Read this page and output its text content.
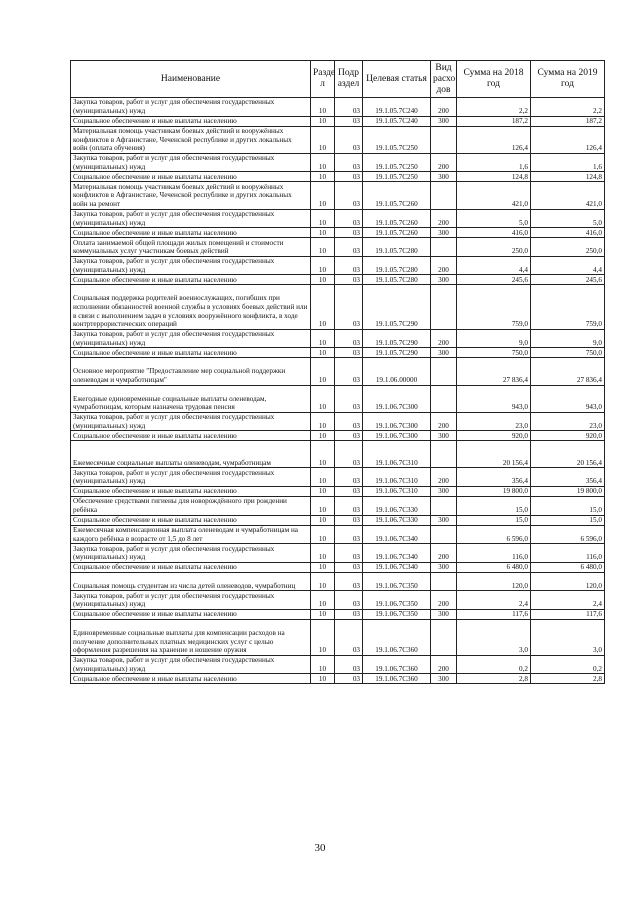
Наименование	Разде л	Подр аздел	Целевая статья	Вид расхо дов	Сумма на 2018 год	Сумма на 2019 год
Закупка товаров, работ и услуг для обеспечения государственных (муниципальных) нужд	10	03	19.1.05.7C240	200	2,2	2,2
Социальное обеспечение и иные выплаты населению	10	03	19.1.05.7C240	300	187,2	187,2
Материальная помощь участникам боевых действий и вооружённых конфликтов в Афганистане, Чеченской республике и других локальных войн (оплата обучения)	10	03	19.1.05.7C250		126,4	126,4
Закупка товаров, работ и услуг для обеспечения государственных (муниципальных) нужд	10	03	19.1.05.7C250	200	1,6	1,6
Социальное обеспечение и иные выплаты населению	10	03	19.1.05.7C250	300	124,8	124,8
Материальная помощь участникам боевых действий и вооружённых конфликтов в Афганистане, Чеченской республике и других локальных войн на ремонт	10	03	19.1.05.7C260		421,0	421,0
Закупка товаров, работ и услуг для обеспечения государственных (муниципальных) нужд	10	03	19.1.05.7C260	200	5,0	5,0
Социальное обеспечение и иные выплаты населению	10	03	19.1.05.7C260	300	416,0	416,0
Оплата занимаемой общей площади жилых помещений и стоимости коммунальных услуг участникам боевых действий	10	03	19.1.05.7C280		250,0	250,0
Закупка товаров, работ и услуг для обеспечения государственных (муниципальных) нужд	10	03	19.1.05.7C280	200	4,4	4,4
Социальное обеспечение и иные выплаты населению	10	03	19.1.05.7C280	300	245,6	245,6
Социальная поддержка родителей военнослужащих, погибших при исполнении обязанностей военной службы в условиях боевых действий или в связи с выполнением задач в условиях вооружённого конфликта, в ходе контртеррористических операций	10	03	19.1.05.7C290		759,0	759,0
Закупка товаров, работ и услуг для обеспечения государственных (муниципальных) нужд	10	03	19.1.05.7C290	200	9,0	9,0
Социальное обеспечение и иные выплаты населению	10	03	19.1.05.7C290	300	750,0	750,0
Основное мероприятие "Предоставление мер социальной поддержки оленеводам и чумработницам"	10	03	19.1.06.00000		27 836,4	27 836,4
Ежегодные единовременные социальные выплаты оленеводам, чумработницам, которым назначена трудовая пенсия	10	03	19.1.06.7C300		943,0	943,0
Закупка товаров, работ и услуг для обеспечения государственных (муниципальных) нужд	10	03	19.1.06.7C300	200	23,0	23,0
Социальное обеспечение и иные выплаты населению	10	03	19.1.06.7C300	300	920,0	920,0
Ежемесячные социальные выплаты оленеводам, чумработницам	10	03	19.1.06.7C310		20 156,4	20 156,4
Закупка товаров, работ и услуг для обеспечения государственных (муниципальных) нужд	10	03	19.1.06.7C310	200	356,4	356,4
Социальное обеспечение и иные выплаты населению	10	03	19.1.06.7C310	300	19 800,0	19 800,0
Обеспечение средствами гигиены для новорождённого при рождении ребёнка	10	03	19.1.06.7C330		15,0	15,0
Социальное обеспечение и иные выплаты населению	10	03	19.1.06.7C330	300	15,0	15,0
Ежемесячная компенсационная выплата оленеводам и чумработницам на каждого ребёнка в возрасте от 1,5 до 8 лет	10	03	19.1.06.7C340		6 596,0	6 596,0
Закупка товаров, работ и услуг для обеспечения государственных (муниципальных) нужд	10	03	19.1.06.7C340	200	116,0	116,0
Социальное обеспечение и иные выплаты населению	10	03	19.1.06.7C340	300	6 480,0	6 480,0
Социальная помощь студентам из числа детей оленеводов, чумработниц	10	03	19.1.06.7C350		120,0	120,0
Закупка товаров, работ и услуг для обеспечения государственных (муниципальных) нужд	10	03	19.1.06.7C350	200	2,4	2,4
Социальное обеспечение и иные выплаты населению	10	03	19.1.06.7C350	300	117,6	117,6
Единовременные социальные выплаты для компенсации расходов на получение дополнительных платных медицинских услуг с целью оформления разрешения на хранение и ношение оружия	10	03	19.1.06.7C360		3,0	3,0
Закупка товаров, работ и услуг для обеспечения государственных (муниципальных) нужд	10	03	19.1.06.7C360	200	0,2	0,2
Социальное обеспечение и иные выплаты населению	10	03	19.1.06.7C360	300	2,8	2,8
30
